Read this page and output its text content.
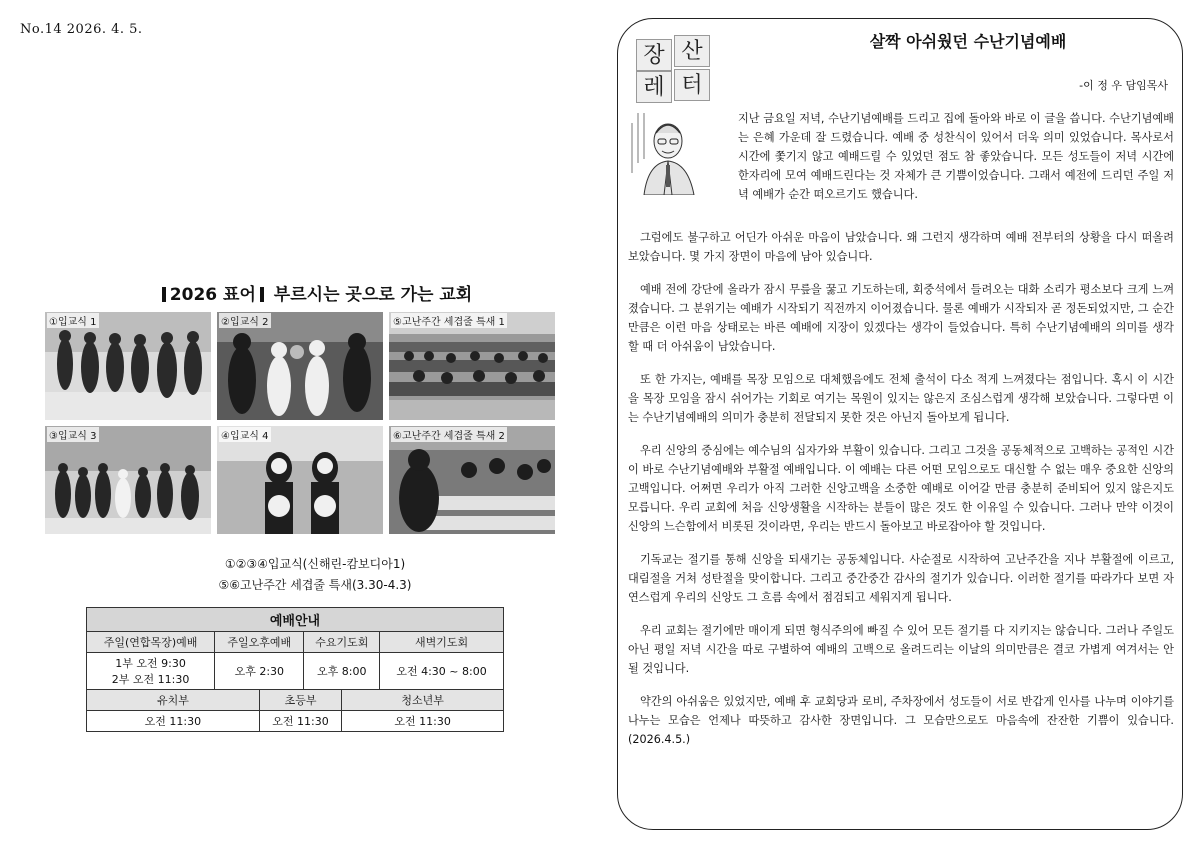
No.14 2026. 4. 5.
2026 표어 부르시는 곳으로 가는 교회
①입교식 1	②입교식 2	⑤고난주간 세겹줄 특새 1
③입교식 3	④입교식 4	⑥고난주간 세겹줄 특새 2
①②③④입교식(신해린-캄보디아1)
⑤⑥고난주간 세겹줄 특새(3.30-4.3)
예배안내					
주일(연합목장)예배	주일오후예배		수요기도회		새벽기도회

1부 오전 9:30
2부 오전 11:30	오후 2:30		오후 8:00		오전 4:30 ~ 8:00
유치부		초등부		청소년부	
오전 11:30		오전 11:30		오전 11:30	
장 산
레 터
살짝 아쉬웠던 수난기념예배
-이 정 우 담임목사

지난 금요일 저녁, 수난기념예배를 드리고 집에 돌아와 바로 이 글을 씁니다. 수난기념예배는 은혜 가운데 잘 드렸습니다. 예배 중 성찬식이 있어서 더욱 의미 있었습니다. 목사로서 시간에 쫓기지 않고 예배드릴 수 있었던 점도 참 좋았습니다. 모든 성도들이 저녁 시간에 한자리에 모여 예배드린다는 것 자체가 큰 기쁨이었습니다. 그래서 예전에 드리던 주일 저녁 예배가 순간 떠오르기도 했습니다.

그럼에도 불구하고 어딘가 아쉬운 마음이 남았습니다. 왜 그런지 생각하며 예배 전부터의 상황을 다시 떠올려 보았습니다. 몇 가지 장면이 마음에 남아 있습니다.

예배 전에 강단에 올라가 잠시 무릎을 꿇고 기도하는데, 회중석에서 들려오는 대화 소리가 평소보다 크게 느껴졌습니다. 그 분위기는 예배가 시작되기 직전까지 이어졌습니다. 물론 예배가 시작되자 곧 정돈되었지만, 그 순간만큼은 이런 마음 상태로는 바른 예배에 지장이 있겠다는 생각이 들었습니다. 특히 수난기념예배의 의미를 생각할 때 더 아쉬움이 남았습니다.

또 한 가지는, 예배를 목장 모임으로 대체했음에도 전체 출석이 다소 적게 느껴졌다는 점입니다. 혹시 이 시간을 목장 모임을 잠시 쉬어가는 기회로 여기는 목원이 있지는 않은지 조심스럽게 생각해 보았습니다. 그렇다면 이는 수난기념예배의 의미가 충분히 전달되지 못한 것은 아닌지 돌아보게 됩니다.

우리 신앙의 중심에는 예수님의 십자가와 부활이 있습니다. 그리고 그것을 공동체적으로 고백하는 공적인 시간이 바로 수난기념예배와 부활절 예배입니다. 이 예배는 다른 어떤 모임으로도 대신할 수 없는 매우 중요한 신앙의 고백입니다. 어쩌면 우리가 아직 그러한 신앙고백을 소중한 예배로 이어갈 만큼 충분히 준비되어 있지 않은지도 모릅니다. 우리 교회에 처음 신앙생활을 시작하는 분들이 많은 것도 한 이유일 수 있습니다. 그러나 만약 이것이 신앙의 느슨함에서 비롯된 것이라면, 우리는 반드시 돌아보고 바로잡아야 할 것입니다.

기독교는 절기를 통해 신앙을 되새기는 공동체입니다. 사순절로 시작하여 고난주간을 지나 부활절에 이르고, 대림절을 거쳐 성탄절을 맞이합니다. 그리고 중간중간 감사의 절기가 있습니다. 이러한 절기를 따라가다 보면 자연스럽게 우리의 신앙도 그 흐름 속에서 점검되고 세워지게 됩니다.

우리 교회는 절기에만 매이게 되면 형식주의에 빠질 수 있어 모든 절기를 다 지키지는 않습니다. 그러나 주일도 아닌 평일 저녁 시간을 따로 구별하여 예배의 고백으로 올려드리는 이날의 의미만큼은 결코 가볍게 여겨서는 안 될 것입니다.

약간의 아쉬움은 있었지만, 예배 후 교회당과 로비, 주차장에서 성도들이 서로 반갑게 인사를 나누며 이야기를 나누는 모습은 언제나 따뜻하고 감사한 장면입니다. 그 모습만으로도 마음속에 잔잔한 기쁨이 있습니다. (2026.4.5.)
